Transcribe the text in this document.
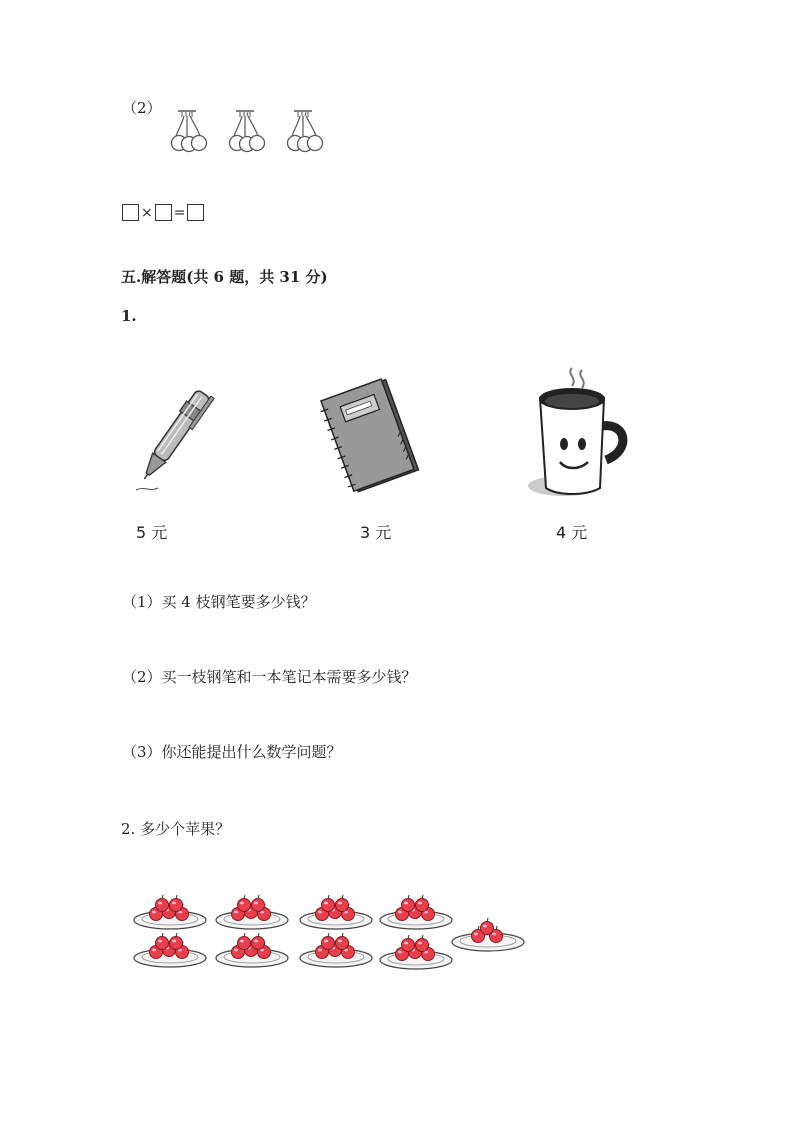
（2）
× =
五.解答题(共 6 题，共 31 分)
1.
5 元	3 元	4 元
（1）买 4 枝钢笔要多少钱？
（2）买一枝钢笔和一本笔记本需要多少钱？
（3）你还能提出什么数学问题？
2. 多少个苹果？
